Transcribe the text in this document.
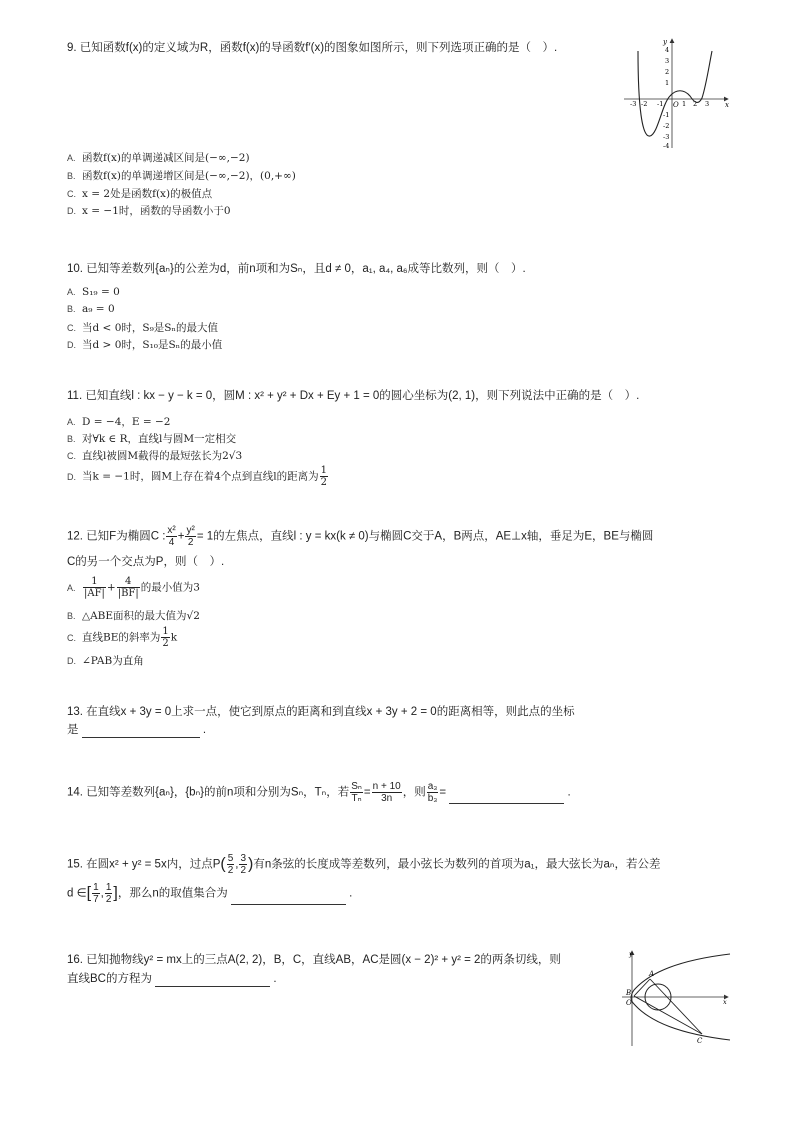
9. 已知函数f(x)的定义域为R，函数f(x)的导函数f′(x)的图象如图所示，则下列选项正确的是（　）.
x
y
O
-3 -2 -1	1 2 3
4
3
2
1
-1
-2
-3
-4
A. 函数f(x)的单调递减区间是(−∞,−2)
B. 函数f(x)的单调递增区间是(−∞,−2)，(0,+∞)
C. x = 2处是函数f(x)的极值点
D. x = −1时，函数的导函数小于0
10. 已知等差数列{aₙ}的公差为d，前n项和为Sₙ，且d ≠ 0，a₁, a₄, a₆成等比数列，则（　）.
A. S₁₉ = 0
B. a₉ = 0
C. 当d < 0时，S₉是Sₙ的最大值
D. 当d > 0时，S₁₀是Sₙ的最小值
11. 已知直线l : kx − y − k = 0，圆M : x² + y² + Dx + Ey + 1 = 0的圆心坐标为(2, 1)，则下列说法中正确的是（　）.
A. D = −4，E = −2
B. 对∀k ∈ R，直线l与圆M一定相交
C. 直线l被圆M截得的最短弦长为2√3
D. 当k = −1时，圆M上存在着4个点到直线l的距离为 $\frac{1}{2}$
12. 已知F为椭圆C : $\frac{\text{x²}}{4} + \frac{\text{y²}}{2} = 1$的左焦点，直线l : y = kx(k ≠ 0)与椭圆C交于A，B两点，AE⊥x轴，垂足为E，BE与椭圆
C的另一个交点为P，则（　）.
A. $\frac{1}{|AF|} + \frac{4}{|BF|}$ 的最小值为3
B. △ABE面积的最大值为√2
C. 直线BE的斜率为 $\frac{1}{2}$ k
D. ∠PAB为直角
13. 在直线x + 3y = 0上求一点，使它到原点的距离和到直线x + 3y + 2 = 0的距离相等，则此点的坐标
是	.
14. 已知等差数列{aₙ}，{bₙ}的前n项和分别为Sₙ，Tₙ，若 $\frac{\text{Sₙ}}{\text{Tₙ}} = \frac{n + 10}{3n}$ ，则 $\frac{\text{a₃}}{\text{b₃}}$ =	.
15. 在圆x² + y² = 5x内，过点$P( \frac{5}{2}$ , $\frac{3}{2}$ )有n条弦的长度成等差数列，最小弦长为数列的首项为a₁，最大弦长为aₙ，若公差
d ∈[ $\frac{1}{7}$ , $\frac{1}{2}$ ]，那么n的取值集合为	.
16. 已知抛物线y² = mx上的三点A(2, 2)，B，C，直线AB，AC是圆(x − 2)² + y² = 2的两条切线，则
直线BC的方程为	.
y
x
O
A
B
C
